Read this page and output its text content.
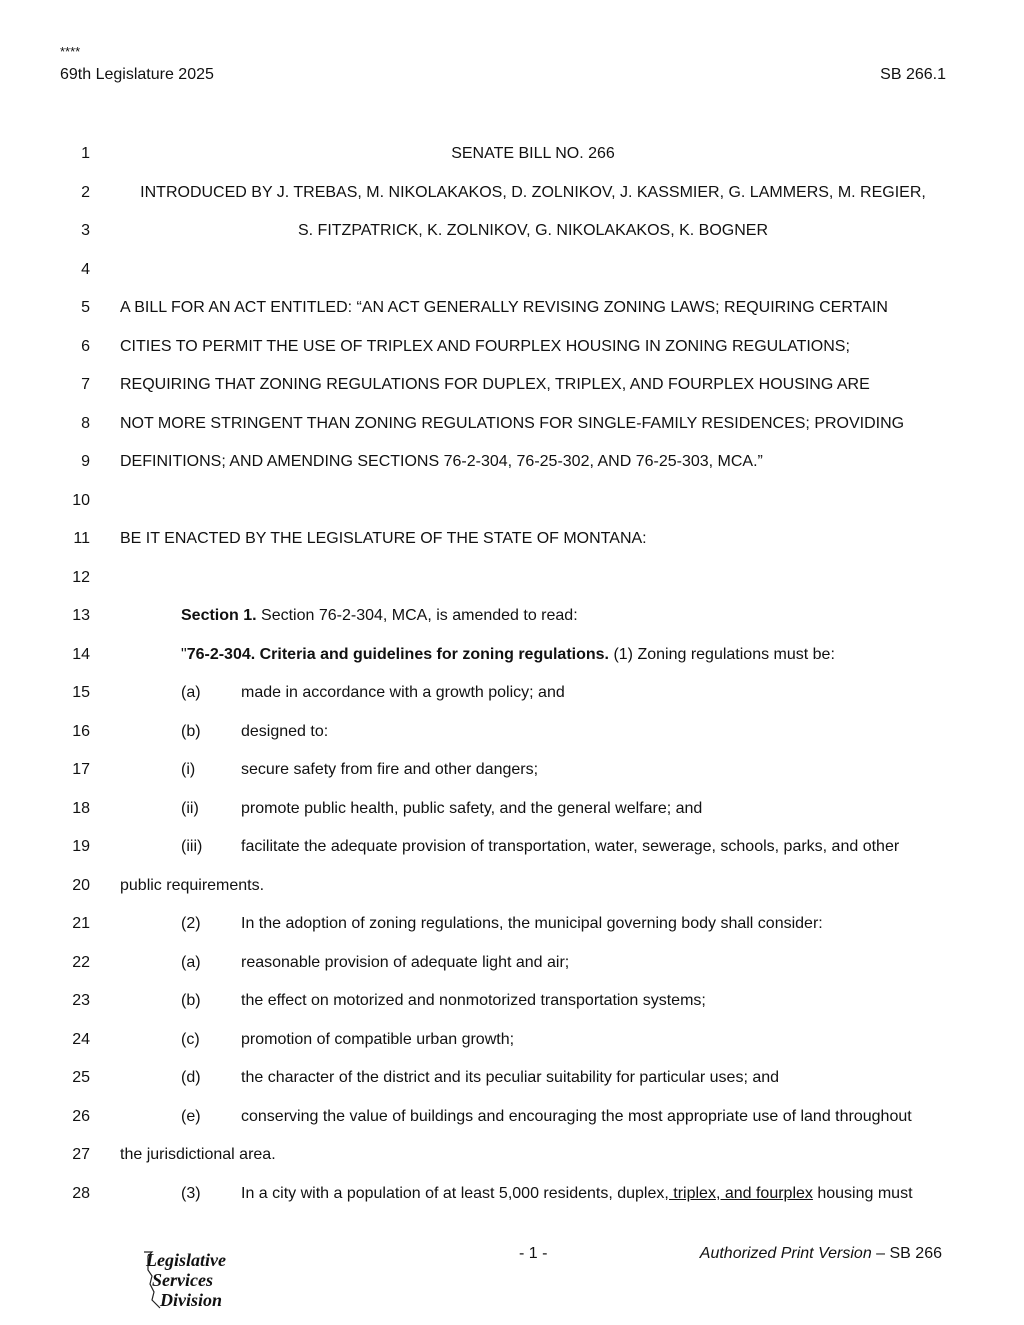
****
69th Legislature 2025	SB 266.1
1	SENATE BILL NO. 266
2	INTRODUCED BY J. TREBAS, M. NIKOLAKAKOS, D. ZOLNIKOV, J. KASSMIER, G. LAMMERS, M. REGIER,
3	S. FITZPATRICK, K. ZOLNIKOV, G. NIKOLAKAKOS, K. BOGNER
4
5 A BILL FOR AN ACT ENTITLED: “AN ACT GENERALLY REVISING ZONING LAWS; REQUIRING CERTAIN
6 CITIES TO PERMIT THE USE OF TRIPLEX AND FOURPLEX HOUSING IN ZONING REGULATIONS;
7 REQUIRING THAT ZONING REGULATIONS FOR DUPLEX, TRIPLEX, AND FOURPLEX HOUSING ARE
8 NOT MORE STRINGENT THAN ZONING REGULATIONS FOR SINGLE-FAMILY RESIDENCES; PROVIDING
9 DEFINITIONS; AND AMENDING SECTIONS 76-2-304, 76-25-302, AND 76-25-303, MCA.”
10
11 BE IT ENACTED BY THE LEGISLATURE OF THE STATE OF MONTANA:
12
13	Section 1. Section 76-2-304, MCA, is amended to read:
14	"76-2-304. Criteria and guidelines for zoning regulations. (1) Zoning regulations must be:
15	(a)	made in accordance with a growth policy; and
16	(b)	designed to:
17	(i)	secure safety from fire and other dangers;
18	(ii)	promote public health, public safety, and the general welfare; and
19	(iii) facilitate the adequate provision of transportation, water, sewerage, schools, parks, and other
20 public requirements.
21	(2)	In the adoption of zoning regulations, the municipal governing body shall consider:
22	(a)	reasonable provision of adequate light and air;
23	(b)	the effect on motorized and nonmotorized transportation systems;
24	(c)	promotion of compatible urban growth;
25	(d)	the character of the district and its peculiar suitability for particular uses; and
26	(e)	conserving the value of buildings and encouraging the most appropriate use of land throughout
27 the jurisdictional area.
28	(3)	In a city with a population of at least 5,000 residents, duplex, triplex, and fourplex housing must
Legislative
Services
Division
- 1 -	Authorized Print Version – SB 266
